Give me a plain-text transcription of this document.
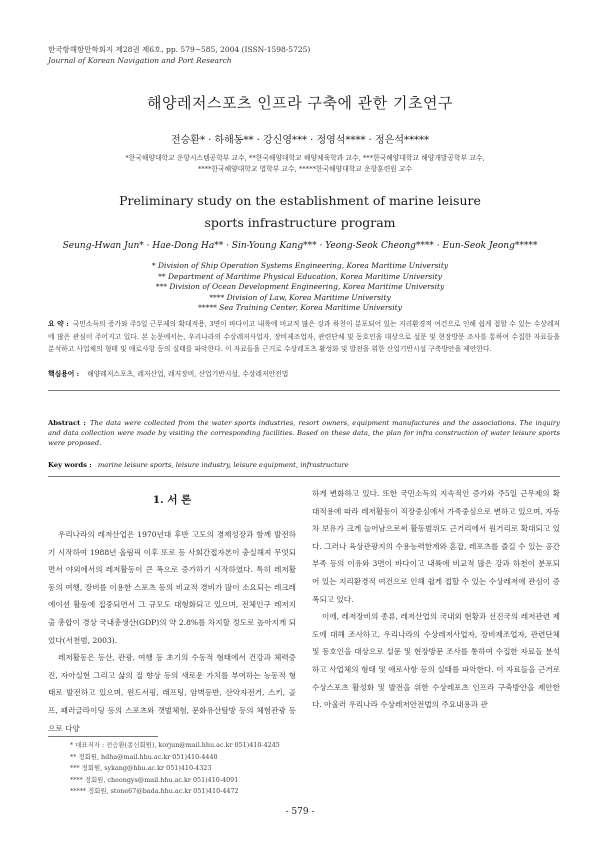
한국항해항만학회지 제28권 제6호, pp. 579∼585, 2004 (ISSN-1598-5725)
Journal of Korean Navigation and Port Research
해양레저스포츠 인프라 구축에 관한 기초연구
전승환* · 하해동** · 강신영*** · 정영석**** · 정은석*****
*한국해양대학교 운항시스템공학부 교수, **한국해양대학교 해양체육학과 교수, ***한국해양대학교 해양개발공학부 교수,
****한국해양대학교 법학부 교수, *****한국해양대학교 운항훈련원 교수
Preliminary study on the establishment of marine leisure
sports infrastructure program
Seung-Hwan Jun* · Hae-Dong Ha** · Sin-Young Kang*** · Yeong-Seok Cheong**** · Eun-Seok Jeong*****
* Division of Ship Operation Systems Engineering, Korea Maritime University
** Department of Maritime Physical Education, Korea Maritime University
*** Division of Ocean Development Engineering, Korea Maritime University
**** Division of Law, Korea Maritime University
***** Sea Training Center, Korea Maritime University
요 약 : 국민소득의 증가와 주5일 근무제의 확대적용, 3면이 바다이고 내륙에 비교적 많은 강과 하천이 분포되어 있는 지리환경적 여건으로 인해 쉽게 접할 수 있는 수상레저에 많은 관심이 주어지고 있다. 본 논문에서는, 우리나라의 수상레저사업자, 장비제조업자, 관련단체 및 동호인을 대상으로 설문 및 현장방문 조사를 통하여 수집한 자료들을 분석하고 사업체의 형태 및 애로사항 등의 실태를 파악한다. 이 자료들을 근거로 수상레포츠 활성화 및 발전을 위한 산업기반시설 구축방안을 제안한다.
핵심용어 : 해양레저스포츠, 레저산업, 레저장비, 산업기반시설, 수상레저안전법
Abstract : The data were collected from the water sports industries, resort owners, equipment manufactures and the associations. The inquiry and data collection were made by visiting the corresponding facilities. Based on these data, the plan for infra construction of water leisure sports were proposed.
Key words : marine leisure sports, leisure industry, leisure equipment, infrastructure
1. 서 론

우리나라의 레저산업은 1970년대 후반 고도의 경제성장과 함께 발전하기 시작하여 1988년 올림픽 이후 또로 등 사회간접자본이 충실해져 무엇되면서 야외에서의 레저활동이 큰 폭으로 증가하기 시작하였다. 특히 레저활동의 여행, 장비를 이용한 스포츠 등의 비교적 경비가 많이 소요되는 레크레에이션 활동에 집중되면서 그 규모도 대형화되고 있으며, 전체인구 레저지출 총합이 경상 국내총생산(GDP)의 약 2.8%를 차지할 정도로 높아지게 되었다(서천범, 2003).

레저활동은 등산, 관광, 여행 등 초기의 수동적 형태에서 건강과 체력증진, 자아실현 그리고 삶의 질 향상 등의 새로운 가치를 부여하는 능동적 형태로 발전하고 있으며, 윈드서핑, 래프팅, 암벽등반, 산악자전거, 스키, 골프, 패러글라이딩 등의 스포츠와 갯벌체험, 문화유산탐방 등의 체험관광 등으로 다양

하게 변화하고 있다. 또한 국민소득의 지속적인 증가와 주5일 근무제의 확대적용에 따라 레저활동이 직장중심에서 가족중심으로 변하고 있으며, 자동차 보유가 크게 늘어남으로써 활동범위도 근거리에서 원거리로 확대되고 있다. 그러나 육상관광지의 수용능력한계와 혼잡, 레포츠를 즐길 수 있는 공간 부족 등의 이유와 3면이 바다이고 내륙에 비교적 많은 강과 하천이 분포되어 있는 지리환경적 여건으로 인해 쉽게 접할 수 있는 수상레저에 관심이 증폭되고 있다.

이에, 레저장비의 종류, 레저산업의 국내외 현황과 선진국의 레저관련 제도에 대해 조사하고, 우리나라의 수상레저사업자, 장비제조업자, 관련단체 및 동호인을 대상으로 설문 및 현장방문 조사를 통하여 수집한 자료들 분석하고 사업체의 형태 및 애로사항 등의 실태를 파악한다. 이 자료들을 근거로 수상스포츠 활성화 및 발전을 위한 수상레포츠 인프라 구축방안을 제안한다. 아울러 우리나라 수상레저안전법의 주요내용과 관

* 대표저자 : 전승환(종신회원), korjun@mail.hhu.ac.kr 051)410-4245
** 정회원, hdha@mail.hhu.ac.kr 051)410-4440
*** 정회원, sykang@hhu.ac.kr 051)410-4323
**** 정회원, cheongys@mail.hhu.ac.kr 051)410-4091
***** 정회원, stone67@bada.hhu.ac.kr 051)410-4472
- 579 -
